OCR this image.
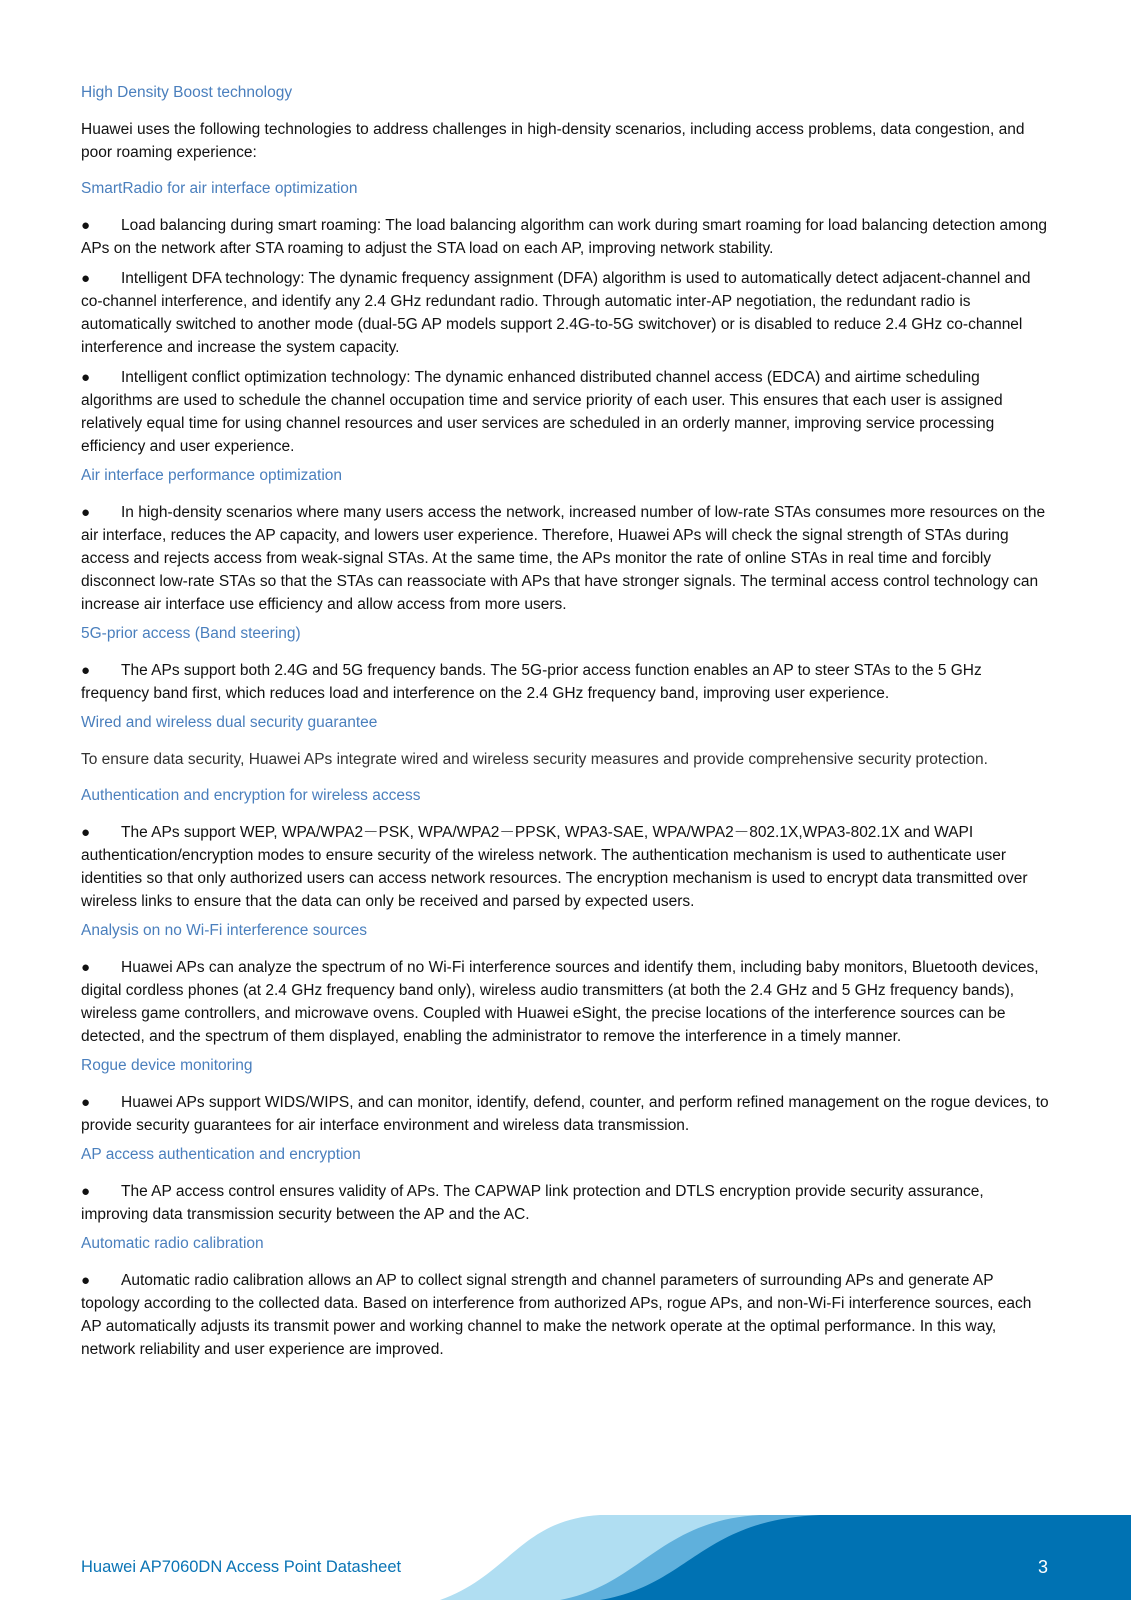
High Density Boost technology
Huawei uses the following technologies to address challenges in high-density scenarios, including access problems, data congestion, and poor roaming experience:
SmartRadio for air interface optimization
● Load balancing during smart roaming: The load balancing algorithm can work during smart roaming for load balancing detection among APs on the network after STA roaming to adjust the STA load on each AP, improving network stability.
● Intelligent DFA technology: The dynamic frequency assignment (DFA) algorithm is used to automatically detect adjacent-channel and co-channel interference, and identify any 2.4 GHz redundant radio. Through automatic inter-AP negotiation, the redundant radio is automatically switched to another mode (dual-5G AP models support 2.4G-to-5G switchover) or is disabled to reduce 2.4 GHz co-channel interference and increase the system capacity.
● Intelligent conflict optimization technology: The dynamic enhanced distributed channel access (EDCA) and airtime scheduling algorithms are used to schedule the channel occupation time and service priority of each user. This ensures that each user is assigned relatively equal time for using channel resources and user services are scheduled in an orderly manner, improving service processing efficiency and user experience.
Air interface performance optimization
● In high-density scenarios where many users access the network, increased number of low-rate STAs consumes more resources on the air interface, reduces the AP capacity, and lowers user experience. Therefore, Huawei APs will check the signal strength of STAs during access and rejects access from weak-signal STAs. At the same time, the APs monitor the rate of online STAs in real time and forcibly disconnect low-rate STAs so that the STAs can reassociate with APs that have stronger signals. The terminal access control technology can increase air interface use efficiency and allow access from more users.
5G-prior access (Band steering)
● The APs support both 2.4G and 5G frequency bands. The 5G-prior access function enables an AP to steer STAs to the 5 GHz frequency band first, which reduces load and interference on the 2.4 GHz frequency band, improving user experience.
Wired and wireless dual security guarantee
To ensure data security, Huawei APs integrate wired and wireless security measures and provide comprehensive security protection.
Authentication and encryption for wireless access
● The APs support WEP, WPA/WPA2－PSK, WPA/WPA2－PPSK, WPA3-SAE, WPA/WPA2－802.1X,WPA3-802.1X and WAPI authentication/encryption modes to ensure security of the wireless network. The authentication mechanism is used to authenticate user identities so that only authorized users can access network resources. The encryption mechanism is used to encrypt data transmitted over wireless links to ensure that the data can only be received and parsed by expected users.
Analysis on no Wi-Fi interference sources
● Huawei APs can analyze the spectrum of no Wi-Fi interference sources and identify them, including baby monitors, Bluetooth devices, digital cordless phones (at 2.4 GHz frequency band only), wireless audio transmitters (at both the 2.4 GHz and 5 GHz frequency bands), wireless game controllers, and microwave ovens. Coupled with Huawei eSight, the precise locations of the interference sources can be detected, and the spectrum of them displayed, enabling the administrator to remove the interference in a timely manner.
Rogue device monitoring
● Huawei APs support WIDS/WIPS, and can monitor, identify, defend, counter, and perform refined management on the rogue devices, to provide security guarantees for air interface environment and wireless data transmission.
AP access authentication and encryption
● The AP access control ensures validity of APs. The CAPWAP link protection and DTLS encryption provide security assurance, improving data transmission security between the AP and the AC.
Automatic radio calibration
● Automatic radio calibration allows an AP to collect signal strength and channel parameters of surrounding APs and generate AP topology according to the collected data. Based on interference from authorized APs, rogue APs, and non-Wi-Fi interference sources, each AP automatically adjusts its transmit power and working channel to make the network operate at the optimal performance. In this way, network reliability and user experience are improved.
Huawei AP7060DN Access Point Datasheet	3
